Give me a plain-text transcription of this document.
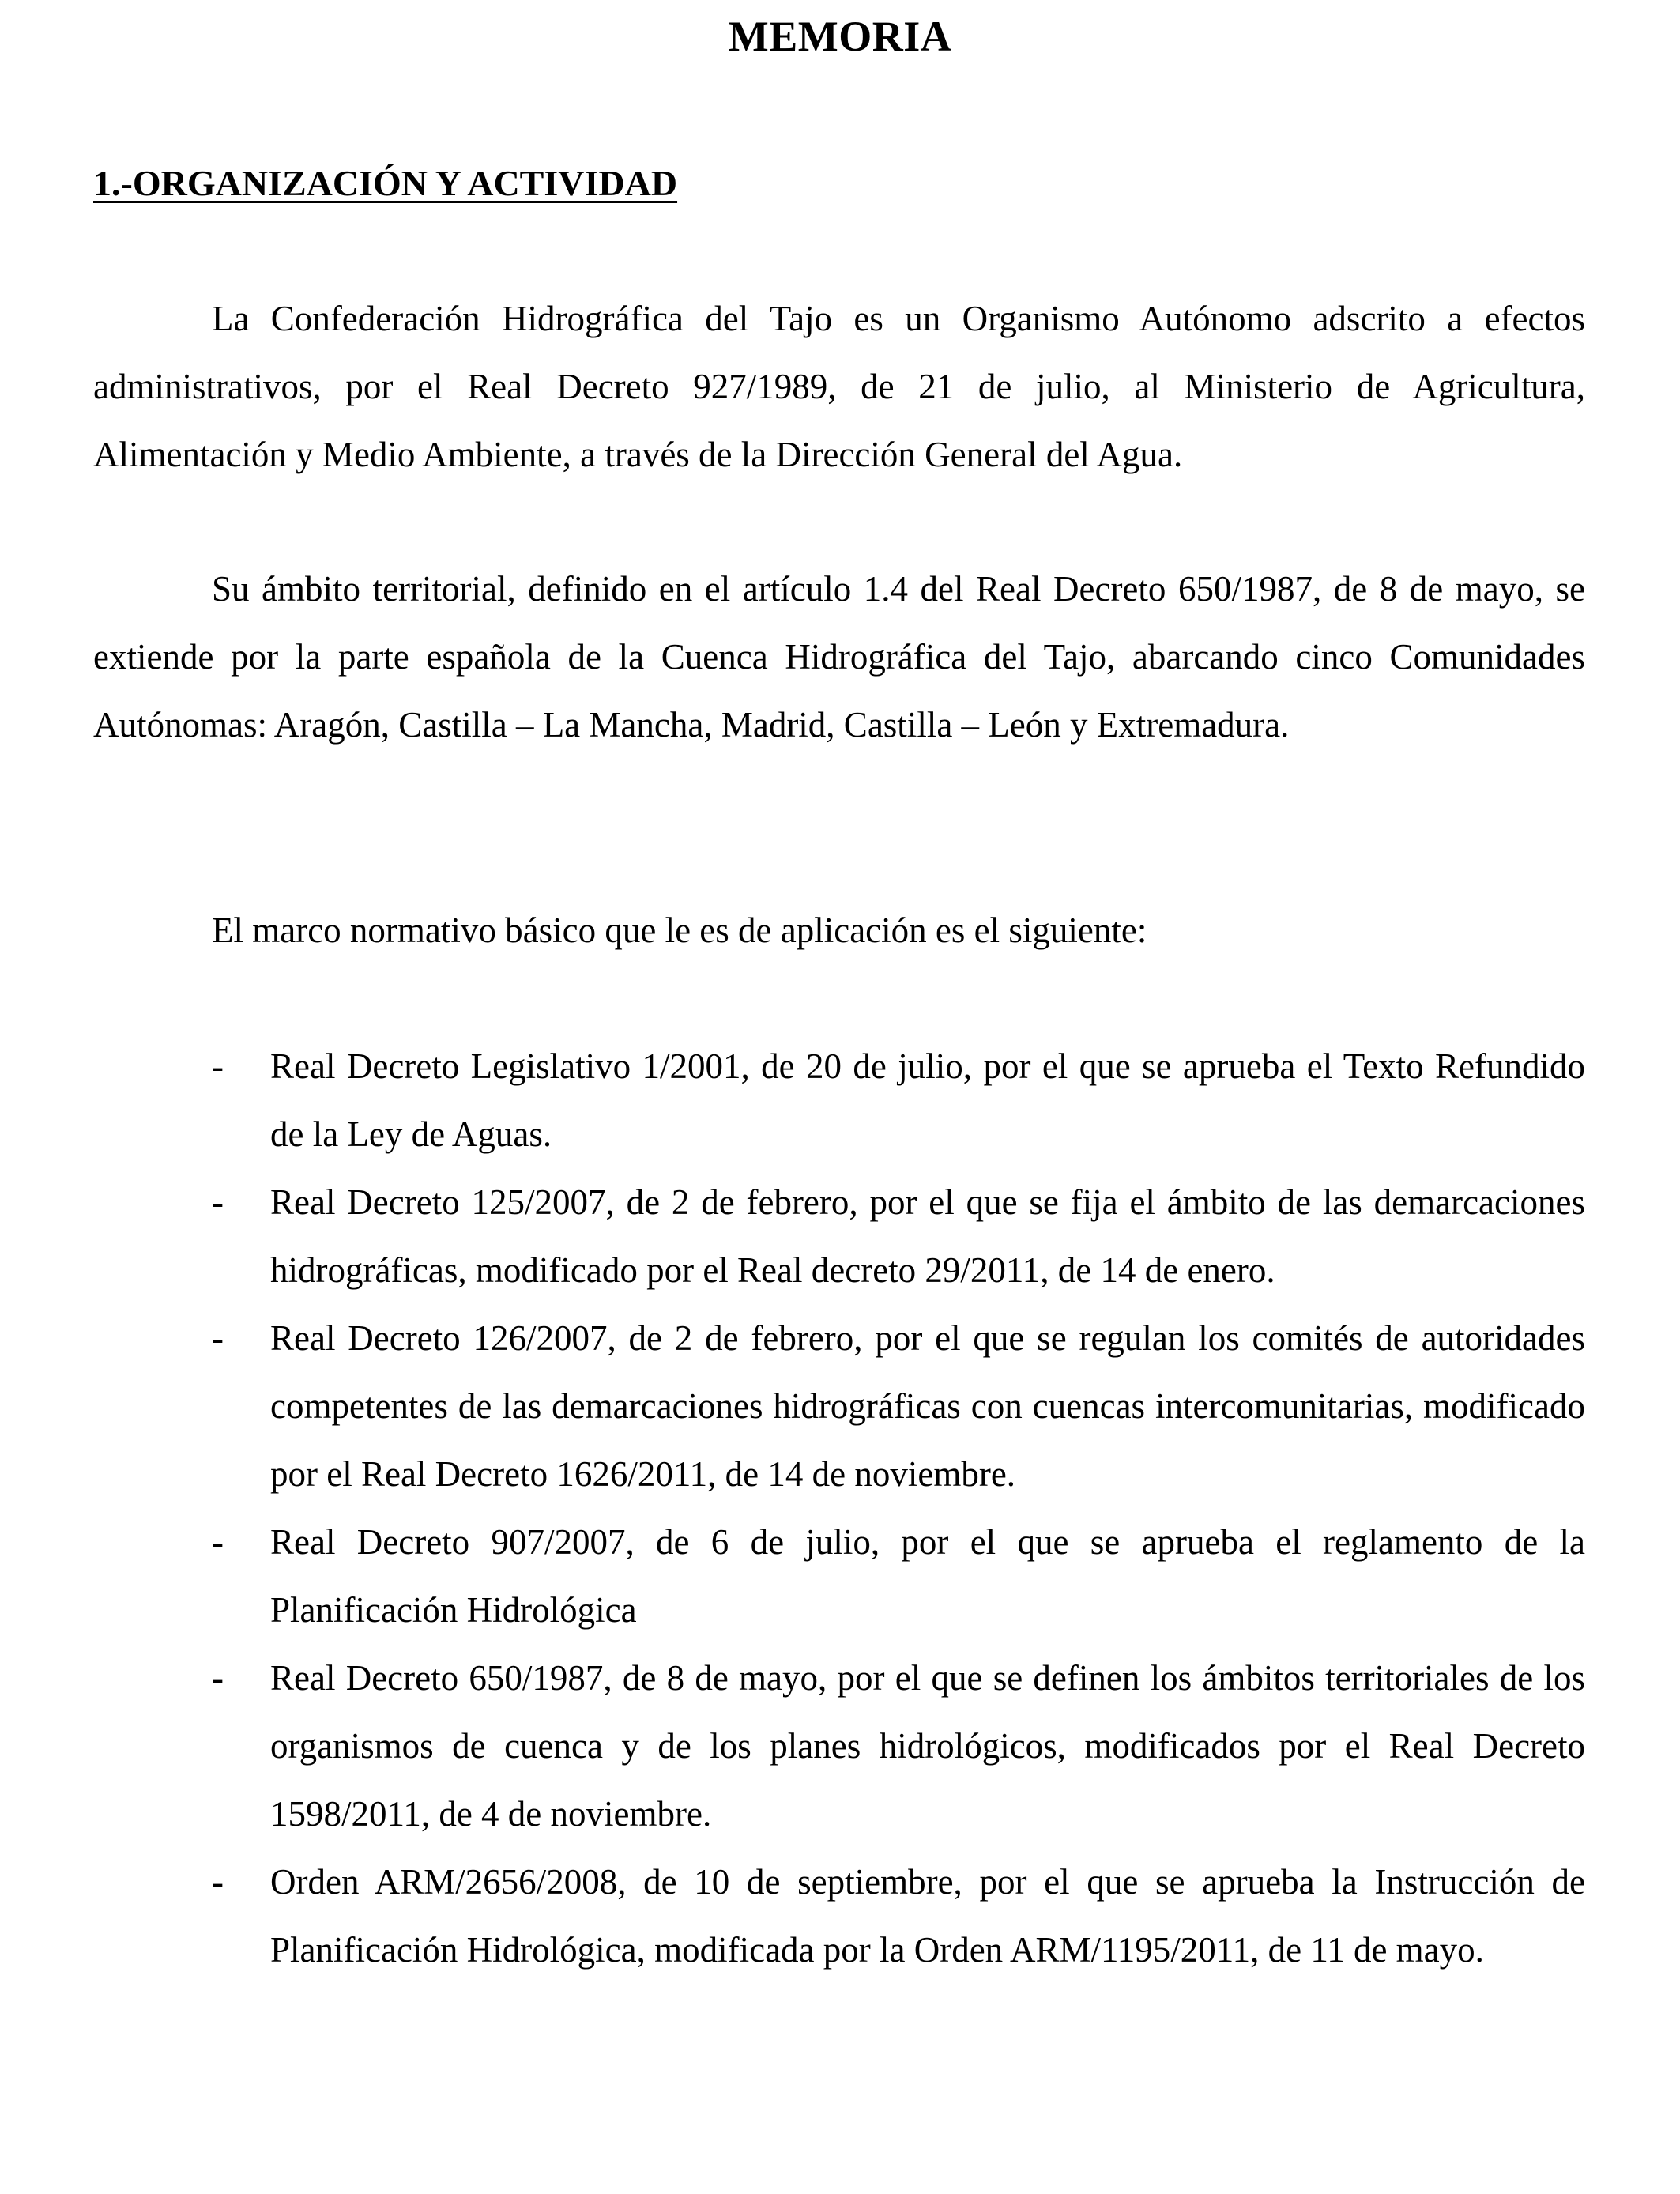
MEMORIA
1.-ORGANIZACIÓN Y ACTIVIDAD

La Confederación Hidrográfica del Tajo es un Organismo Autónomo adscrito a efectos administrativos, por el Real Decreto 927/1989, de 21 de julio, al Ministerio de Agricultura, Alimentación y Medio Ambiente, a través de la Dirección General del Agua.

Su ámbito territorial, definido en el artículo 1.4 del Real Decreto 650/1987, de 8 de mayo, se extiende por la parte española de la Cuenca Hidrográfica del Tajo, abarcando cinco Comunidades Autónomas: Aragón, Castilla – La Mancha, Madrid, Castilla – León y Extremadura.

El marco normativo básico que le es de aplicación es el siguiente:

- Real Decreto Legislativo 1/2001, de 20 de julio, por el que se aprueba el Texto Refundido de la Ley de Aguas.
- Real Decreto 125/2007, de 2 de febrero, por el que se fija el ámbito de las demarcaciones hidrográficas, modificado por el Real decreto 29/2011, de 14 de enero.
- Real Decreto 126/2007, de 2 de febrero, por el que se regulan los comités de autoridades competentes de las demarcaciones hidrográficas con cuencas intercomunitarias, modificado por el Real Decreto 1626/2011, de 14 de noviembre.
- Real Decreto 907/2007, de 6 de julio, por el que se aprueba el reglamento de la Planificación Hidrológica
- Real Decreto 650/1987, de 8 de mayo, por el que se definen los ámbitos territoriales de los organismos de cuenca y de los planes hidrológicos, modificados por el Real Decreto 1598/2011, de 4 de noviembre.
- Orden ARM/2656/2008, de 10 de septiembre, por el que se aprueba la Instrucción de Planificación Hidrológica, modificada por la Orden ARM/1195/2011, de 11 de mayo.
